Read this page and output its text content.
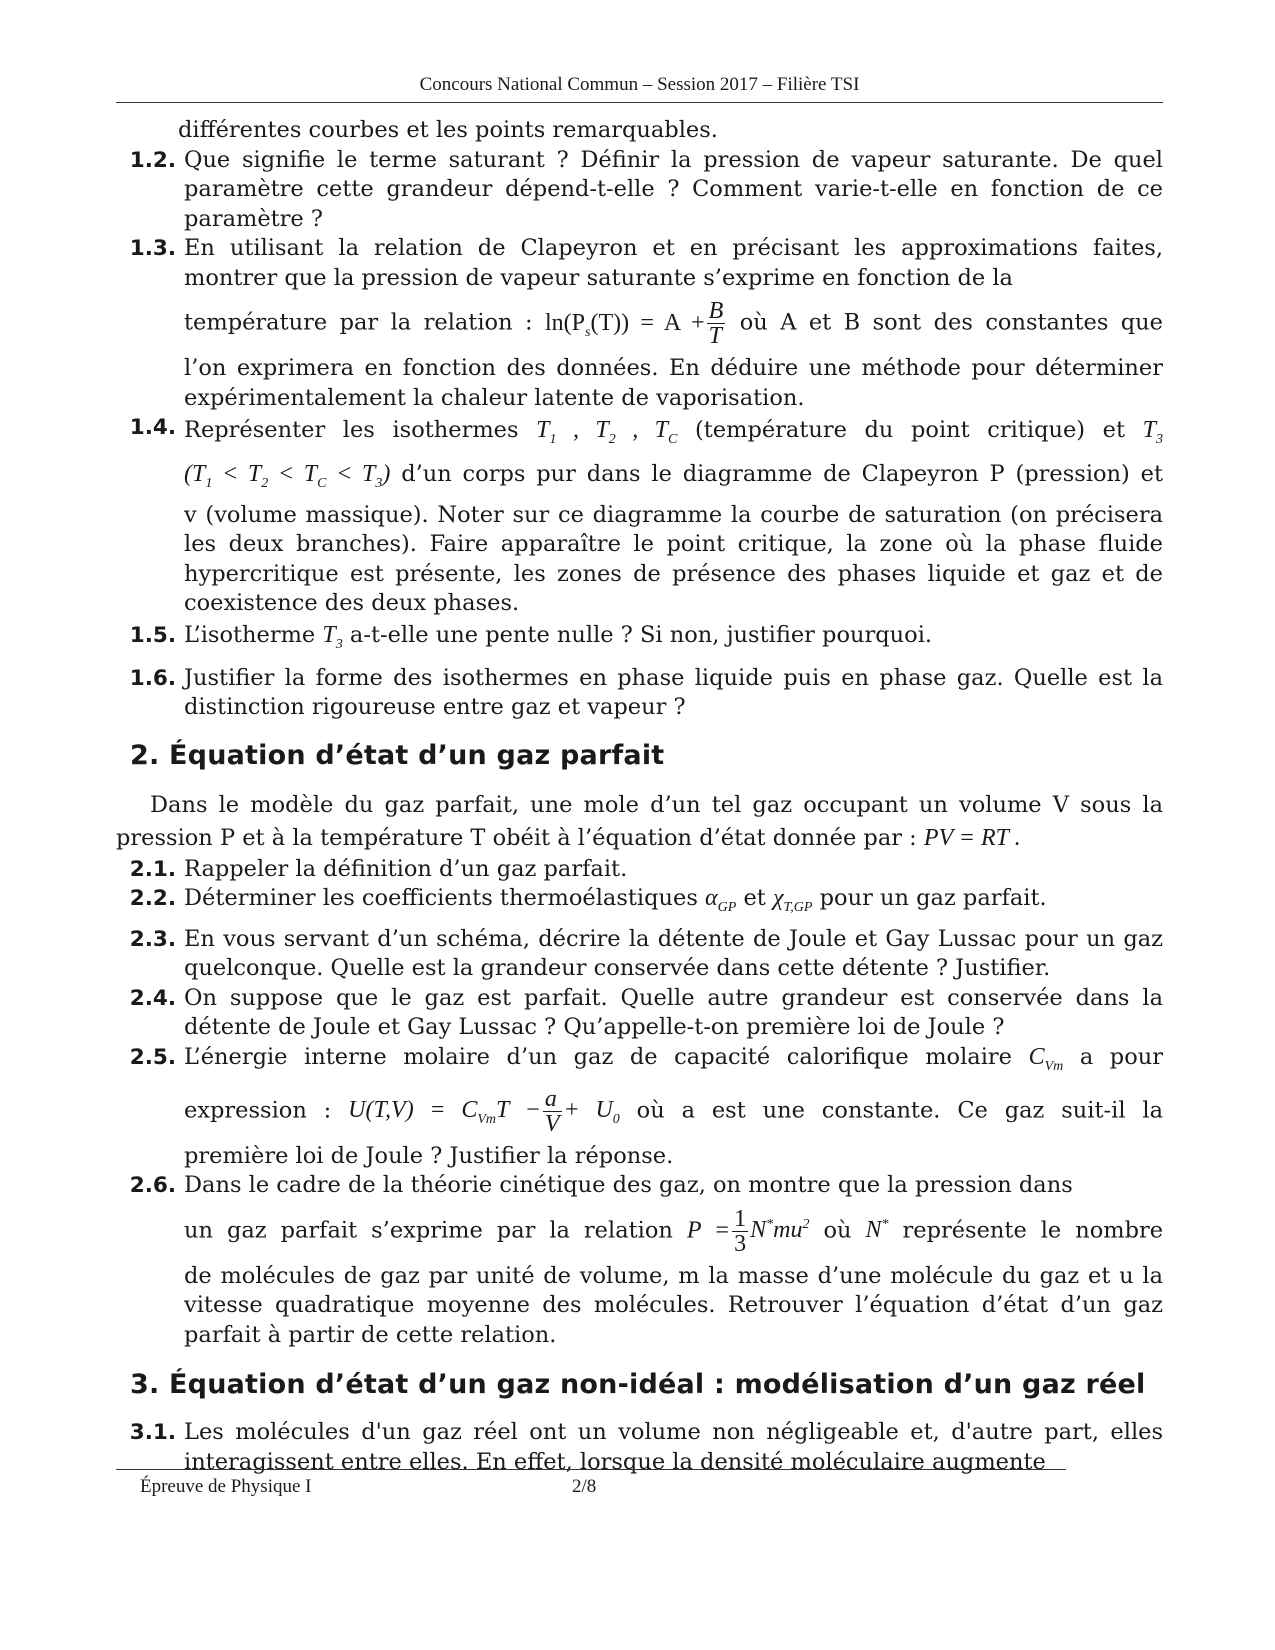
Concours National Commun – Session 2017 – Filière TSI
différentes courbes et les points remarquables.
1.2. Que signifie le terme saturant ? Définir la pression de vapeur saturante. De quel paramètre cette grandeur dépend-t-elle ? Comment varie-t-elle en fonction de ce paramètre ?
1.3. En utilisant la relation de Clapeyron et en précisant les approximations faites, montrer que la pression de vapeur saturante s’exprime en fonction de la
température par la relation : $\ln(P_s(T)) = A + \frac{B}{T}$ où A et B sont des constantes que
l’on exprimera en fonction des données. En déduire une méthode pour déterminer expérimentalement la chaleur latente de vaporisation.
1.4. Représenter les isothermes $T_1$ , $T_2$ , $T_C$ (température du point critique) et $T_3$
$(T_1 < T_2 < T_C < T_3)$ d’un corps pur dans le diagramme de Clapeyron P (pression) et
v (volume massique). Noter sur ce diagramme la courbe de saturation (on précisera les deux branches). Faire apparaître le point critique, la zone où la phase fluide hypercritique est présente, les zones de présence des phases liquide et gaz et de coexistence des deux phases.
1.5. L’isotherme $T_3$ a-t-elle une pente nulle ? Si non, justifier pourquoi.
1.6. Justifier la forme des isothermes en phase liquide puis en phase gaz. Quelle est la distinction rigoureuse entre gaz et vapeur ?
2. Équation d’état d’un gaz parfait
Dans le modèle du gaz parfait, une mole d’un tel gaz occupant un volume V sous la pression P et à la température T obéit à l’équation d’état donnée par : PV = RT .
2.1. Rappeler la définition d’un gaz parfait.
2.2. Déterminer les coefficients thermoélastiques $\alpha_{GP}$ et $\chi_{T,GP}$ pour un gaz parfait.
2.3. En vous servant d’un schéma, décrire la détente de Joule et Gay Lussac pour un gaz quelconque. Quelle est la grandeur conservée dans cette détente ? Justifier.
2.4. On suppose que le gaz est parfait. Quelle autre grandeur est conservée dans la détente de Joule et Gay Lussac ? Qu’appelle-t-on première loi de Joule ?
2.5. L’énergie interne molaire d’un gaz de capacité calorifique molaire $C_{Vm}$ a pour
expression : $U(T,V) = C_{Vm}T - \frac{a}{V} + U_0$ où a est une constante. Ce gaz suit-il la
première loi de Joule ? Justifier la réponse.
2.6. Dans le cadre de la théorie cinétique des gaz, on montre que la pression dans
un gaz parfait s’exprime par la relation $P = \frac{1}{3} N^*mu^2$ où N* représente le nombre
de molécules de gaz par unité de volume, m la masse d’une molécule du gaz et u la vitesse quadratique moyenne des molécules. Retrouver l’équation d’état d’un gaz parfait à partir de cette relation.
3. Équation d’état d’un gaz non-idéal : modélisation d’un gaz réel
3.1. Les molécules d'un gaz réel ont un volume non négligeable et, d'autre part, elles interagissent entre elles. En effet, lorsque la densité moléculaire augmente
Épreuve de Physique I	2/8
